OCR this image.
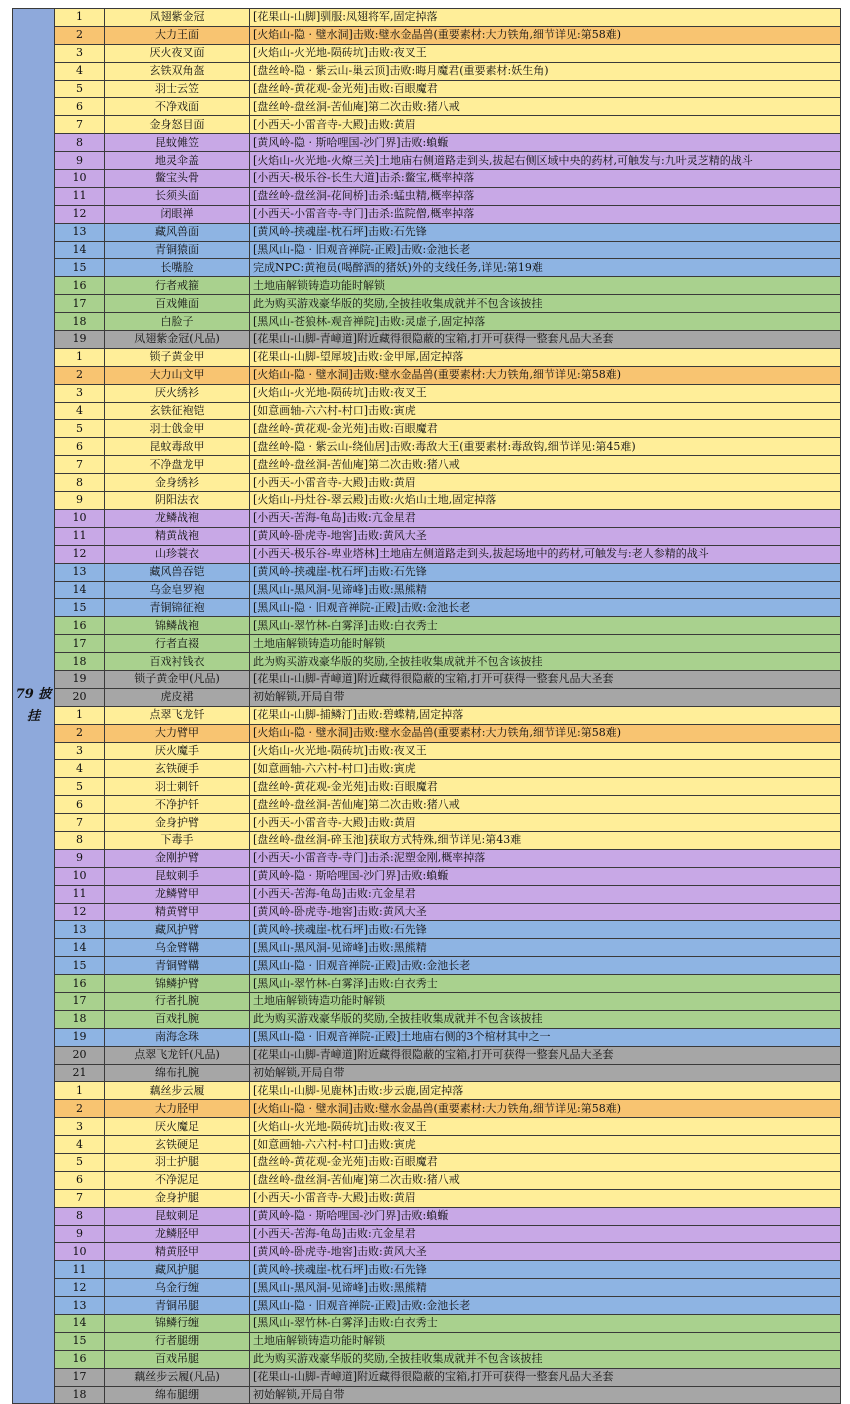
79 披挂	1	凤翅紫金冠	[花果山-山脚]驯服:凤翅将军,固定掉落
	2	大力王面	[火焰山-隐 · 璧水洞]击败:璧水金晶兽(重要素材:大力铁角,细节详见:第58难)
	3	厌火夜叉面	[火焰山-火光地-陨砖坑]击败:夜叉王
	4	玄铁双角盔	[盘丝岭-隐 · 紫云山-巢云顶]击败:晦月魔君(重要素材:妖生角)
	5	羽士云笠	[盘丝岭-黄花观-金光苑]击败:百眼魔君
	6	不净戏面	[盘丝岭-盘丝洞-苦仙庵]第二次击败:猪八戒
	7	金身怒目面	[小西天-小雷音寺-大殿]击败:黄眉
	8	昆蚊傩笠	[黄风岭-隐 · 斯哈哩国-沙门界]击败:蝜蝂
	9	地灵伞盖	[火焰山-火光地-火燎三关]土地庙右侧道路走到头,拔起右侧区域中央的药材,可触发与:九叶灵芝精的战斗
	10	鳖宝头骨	[小西天-极乐谷-长生大道]击杀:鳖宝,概率掉落
	11	长须头面	[盘丝岭-盘丝洞-花间桥]击杀:蜢虫精,概率掉落
	12	闭眼禅	[小西天-小雷音寺-寺门]击杀:监院僧,概率掉落
	13	藏风兽面	[黄风岭-挟魂崖-枕石坪]击败:石先锋
	14	青铜猿面	[黑风山-隐 · 旧观音禅院-正殿]击败:金池长老
	15	长嘴脸	完成NPC:黄袍员(喝醉酒的猪妖)外的支线任务,详见:第19难
	16	行者戒箍	土地庙解锁铸造功能时解锁
	17	百戏傩面	此为购买游戏豪华版的奖励,全披挂收集成就并不包含该披挂
	18	白脸子	[黑风山-苍狼林-观音禅院]击败:灵虚子,固定掉落
	19	凤翅紫金冠(凡品)	[花果山-山脚-青嶂道]附近藏得很隐蔽的宝箱,打开可获得一整套凡品大圣套
	1	锁子黄金甲	[花果山-山脚-望犀坡]击败:金甲犀,固定掉落
	2	大力山文甲	[火焰山-隐 · 璧水洞]击败:璧水金晶兽(重要素材:大力铁角,细节详见:第58难)
	3	厌火绣衫	[火焰山-火光地-陨砖坑]击败:夜叉王
	4	玄铁征袍铠	[如意画轴-六六村-村口]击败:寅虎
	5	羽士戗金甲	[盘丝岭-黄花观-金光苑]击败:百眼魔君
	6	昆蚊毒敌甲	[盘丝岭-隐 · 紫云山-绕仙居]击败:毒敌大王(重要素材:毒敌钩,细节详见:第45难)
	7	不净盘龙甲	[盘丝岭-盘丝洞-苦仙庵]第二次击败:猪八戒
	8	金身绣衫	[小西天-小雷音寺-大殿]击败:黄眉
	9	阴阳法衣	[火焰山-丹灶谷-翠云殿]击败:火焰山土地,固定掉落
	10	龙鳞战袍	[小西天-苦海-龟岛]击败:亢金星君
	11	精黄战袍	[黄风岭-卧虎寺-地窖]击败:黄风大圣
	12	山珍蓑衣	[小西天-极乐谷-卑业塔林]土地庙左侧道路走到头,拔起场地中的药材,可触发与:老人参精的战斗
	13	藏风兽吞铠	[黄风岭-挟魂崖-枕石坪]击败:石先锋
	14	乌金皂罗袍	[黑风山-黑风洞-见谛峰]击败:黑熊精
	15	青铜锦征袍	[黑风山-隐 · 旧观音禅院-正殿]击败:金池长老
	16	锦鳞战袍	[黑风山-翠竹林-白雾泽]击败:白衣秀士
	17	行者直裰	土地庙解锁铸造功能时解锁
	18	百戏衬钱衣	此为购买游戏豪华版的奖励,全披挂收集成就并不包含该披挂
	19	锁子黄金甲(凡品)	[花果山-山脚-青嶂道]附近藏得很隐蔽的宝箱,打开可获得一整套凡品大圣套
	20	虎皮裙	初始解锁,开局自带
	1	点翠飞龙钎	[花果山-山脚-捕鳞汀]击败:碧蝶精,固定掉落
	2	大力臂甲	[火焰山-隐 · 璧水洞]击败:璧水金晶兽(重要素材:大力铁角,细节详见:第58难)
	3	厌火魔手	[火焰山-火光地-陨砖坑]击败:夜叉王
	4	玄铁硬手	[如意画轴-六六村-村口]击败:寅虎
	5	羽士刺钎	[盘丝岭-黄花观-金光苑]击败:百眼魔君
	6	不净护钎	[盘丝岭-盘丝洞-苦仙庵]第二次击败:猪八戒
	7	金身护臂	[小西天-小雷音寺-大殿]击败:黄眉
	8	下毒手	[盘丝岭-盘丝洞-碎玉池]获取方式特殊,细节详见:第43难
	9	金刚护臂	[小西天-小雷音寺-寺门]击杀:泥塑金刚,概率掉落
	10	昆蚊刺手	[黄风岭-隐 · 斯哈哩国-沙门界]击败:蝜蝂
	11	龙鳞臂甲	[小西天-苦海-龟岛]击败:亢金星君
	12	精黄臂甲	[黄风岭-卧虎寺-地窖]击败:黄风大圣
	13	藏风护臂	[黄风岭-挟魂崖-枕石坪]击败:石先锋
	14	乌金臂鞲	[黑风山-黑风洞-见谛峰]击败:黑熊精
	15	青铜臂鞲	[黑风山-隐 · 旧观音禅院-正殿]击败:金池长老
	16	锦鳞护臂	[黑风山-翠竹林-白雾泽]击败:白衣秀士
	17	行者扎腕	土地庙解锁铸造功能时解锁
	18	百戏扎腕	此为购买游戏豪华版的奖励,全披挂收集成就并不包含该披挂
	19	南海念珠	[黑风山-隐 · 旧观音禅院-正殿]土地庙右侧的3个棺材其中之一
	20	点翠飞龙钎(凡品)	[花果山-山脚-青嶂道]附近藏得很隐蔽的宝箱,打开可获得一整套凡品大圣套
	21	绵布扎腕	初始解锁,开局自带
	1	藕丝步云履	[花果山-山脚-见鹿林]击败:步云鹿,固定掉落
	2	大力胫甲	[火焰山-隐 · 璧水洞]击败:璧水金晶兽(重要素材:大力铁角,细节详见:第58难)
	3	厌火魔足	[火焰山-火光地-陨砖坑]击败:夜叉王
	4	玄铁硬足	[如意画轴-六六村-村口]击败:寅虎
	5	羽士护腿	[盘丝岭-黄花观-金光苑]击败:百眼魔君
	6	不净泥足	[盘丝岭-盘丝洞-苦仙庵]第二次击败:猪八戒
	7	金身护腿	[小西天-小雷音寺-大殿]击败:黄眉
	8	昆蚊刺足	[黄风岭-隐 · 斯哈哩国-沙门界]击败:蝜蝂
	9	龙鳞胫甲	[小西天-苦海-龟岛]击败:亢金星君
	10	精黄胫甲	[黄风岭-卧虎寺-地窖]击败:黄风大圣
	11	藏风护腿	[黄风岭-挟魂崖-枕石坪]击败:石先锋
	12	乌金行缠	[黑风山-黑风洞-见谛峰]击败:黑熊精
	13	青铜吊腿	[黑风山-隐 · 旧观音禅院-正殿]击败:金池长老
	14	锦鳞行缠	[黑风山-翠竹林-白雾泽]击败:白衣秀士
	15	行者腿绷	土地庙解锁铸造功能时解锁
	16	百戏吊腿	此为购买游戏豪华版的奖励,全披挂收集成就并不包含该披挂
	17	藕丝步云履(凡品)	[花果山-山脚-青嶂道]附近藏得很隐蔽的宝箱,打开可获得一整套凡品大圣套
	18	绵布腿绷	初始解锁,开局自带
